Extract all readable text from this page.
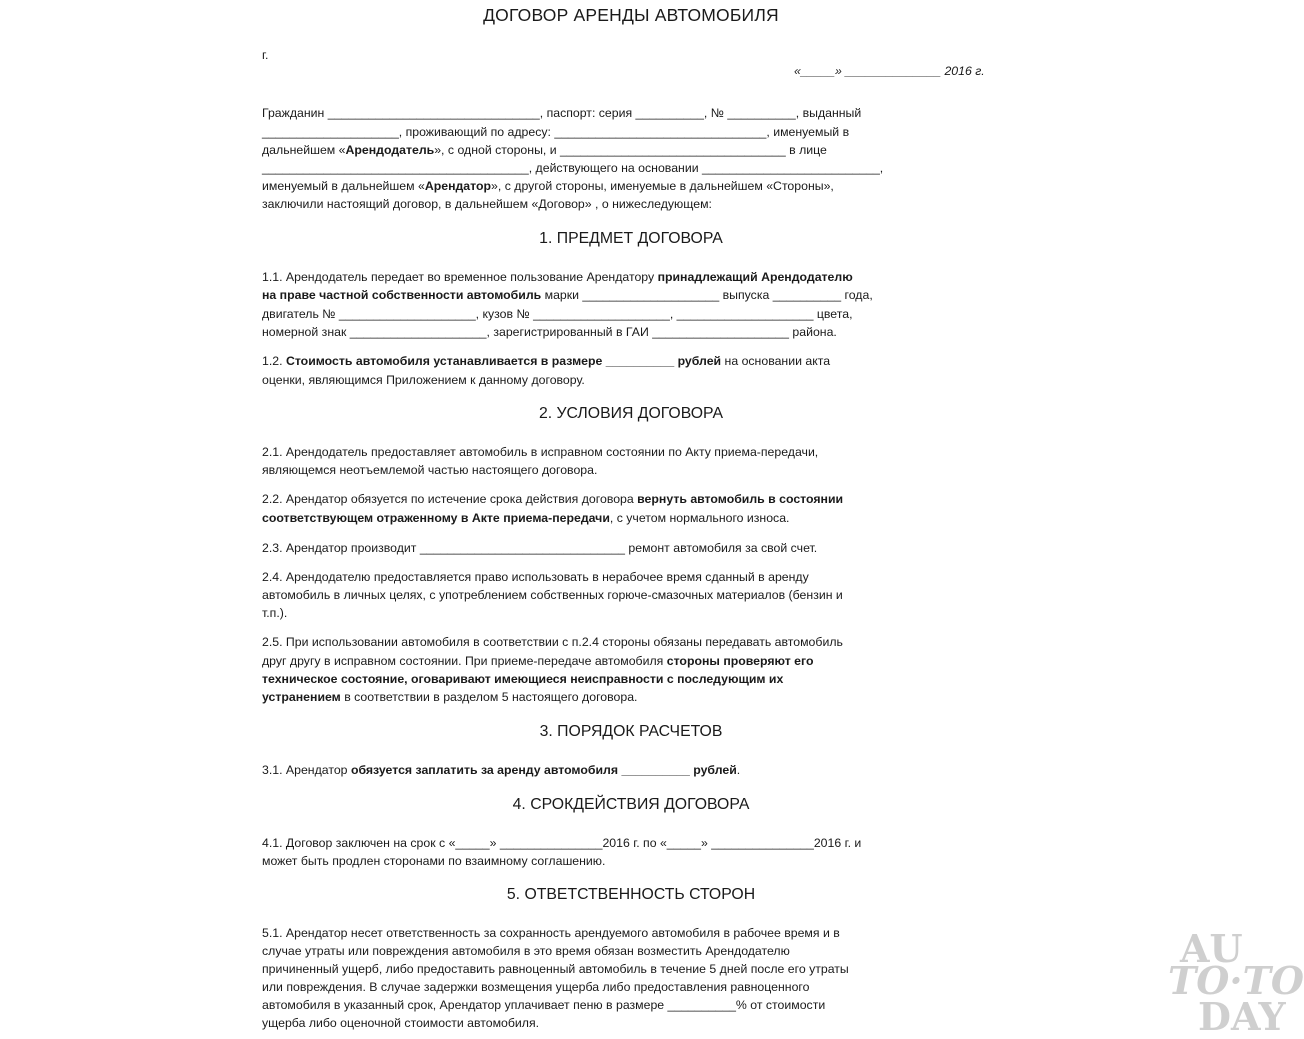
ДОГОВОР АРЕНДЫ АВТОМОБИЛЯ
г.
«_____» ______________ 2016 г.
Гражданин _______________________________, паспорт: серия __________, № __________, выданный
____________________, проживающий по адресу: _______________________________, именуемый в
дальнейшем «Арендодатель», с одной стороны, и _________________________________ в лице
_______________________________________, действующего на основании __________________________,
именуемый в дальнейшем «Арендатор», с другой стороны, именуемые в дальнейшем «Стороны»,
заключили настоящий договор, в дальнейшем «Договор» , о нижеследующем:
1. ПРЕДМЕТ ДОГОВОРА
1.1. Арендодатель передает во временное пользование Арендатору принадлежащий Арендодателю
на праве частной собственности автомобиль марки ____________________ выпуска __________ года,
двигатель № ____________________, кузов № ____________________, ____________________ цвета,
номерной знак ____________________, зарегистрированный в ГАИ ____________________ района.
1.2. Стоимость автомобиля устанавливается в размере __________ рублей на основании акта
оценки, являющимся Приложением к данному договору.
2. УСЛОВИЯ ДОГОВОРА
2.1. Арендодатель предоставляет автомобиль в исправном состоянии по Акту приема-передачи,
являющемся неотъемлемой частью настоящего договора.
2.2. Арендатор обязуется по истечение срока действия договора вернуть автомобиль в состоянии
соответствующем отраженному в Акте приема-передачи, с учетом нормального износа.
2.3. Арендатор производит ______________________________ ремонт автомобиля за свой счет.
2.4. Арендодателю предоставляется право использовать в нерабочее время сданный в аренду
автомобиль в личных целях, с употреблением собственных горюче-смазочных материалов (бензин и
т.п.).
2.5. При использовании автомобиля в соответствии с п.2.4 стороны обязаны передавать автомобиль
друг другу в исправном состоянии. При приеме-передаче автомобиля стороны проверяют его
техническое состояние, оговаривают имеющиеся неисправности с последующим их
устранением в соответствии в разделом 5 настоящего договора.
3. ПОРЯДОК РАСЧЕТОВ
3.1. Арендатор обязуется заплатить за аренду автомобиля __________ рублей.
4. СРОКДЕЙСТВИЯ ДОГОВОРА
4.1. Договор заключен на срок с «_____» _______________2016 г. по «_____» _______________2016 г. и
может быть продлен сторонами по взаимному соглашению.
5. ОТВЕТСТВЕННОСТЬ СТОРОН
5.1. Арендатор несет ответственность за сохранность арендуемого автомобиля в рабочее время и в
случае утраты или повреждения автомобиля в это время обязан возместить Арендодателю
причиненный ущерб, либо предоставить равноценный автомобиль в течение 5 дней после его утраты
или повреждения. В случае задержки возмещения ущерба либо предоставления равноценного
автомобиля в указанный срок, Арендатор уплачивает пеню в размере __________% от стоимости
ущерба либо оценочной стоимости автомобиля.
AU
TO·TO
DAY
